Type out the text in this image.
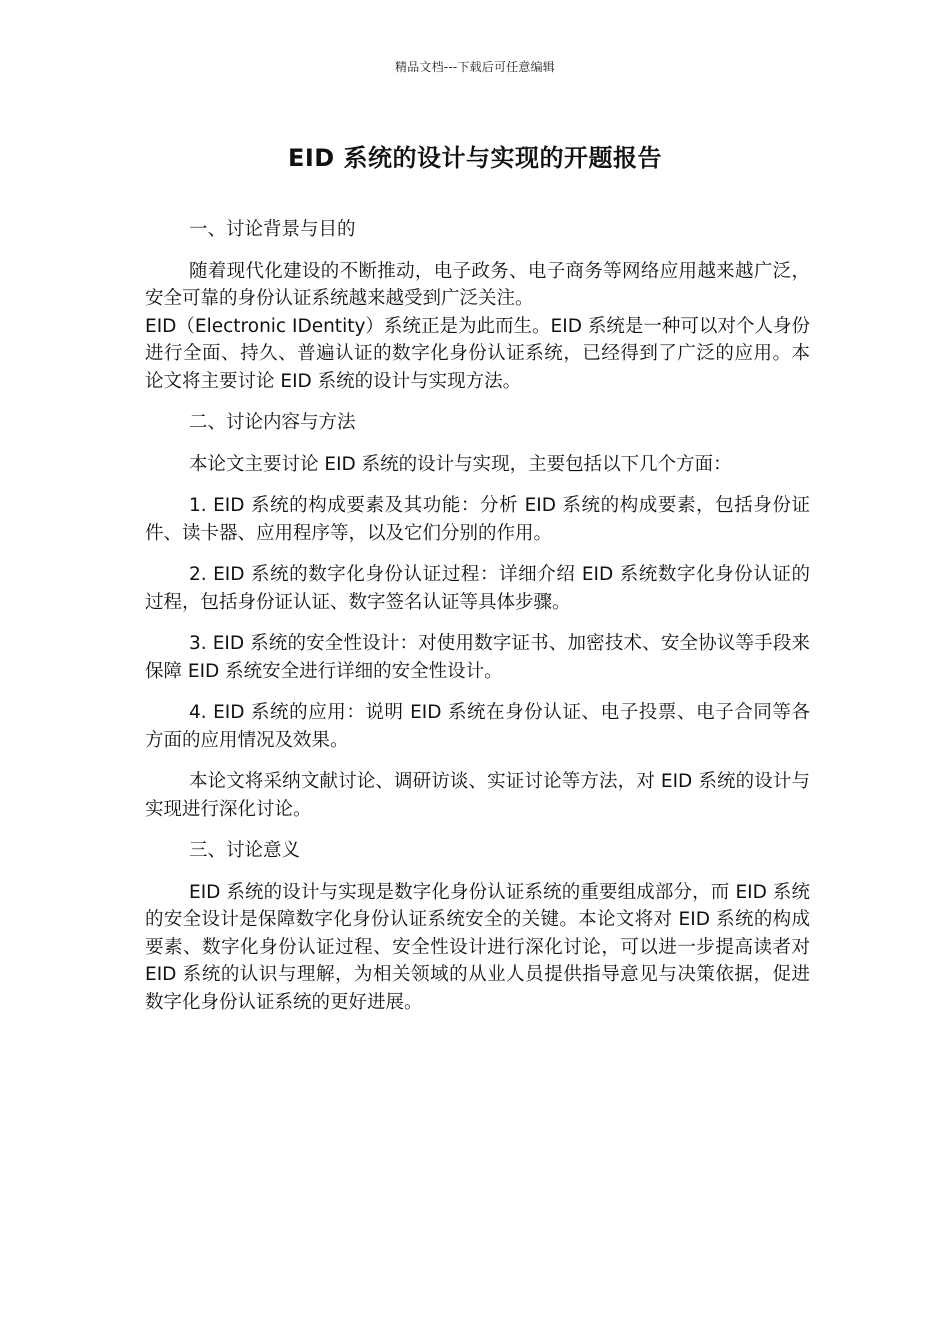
精品文档---下载后可任意编辑
EID 系统的设计与实现的开题报告

一、讨论背景与目的

随着现代化建设的不断推动，电子政务、电子商务等网络应用越来越广泛，安全可靠的身份认证系统越来越受到广泛关注。

EID（Electronic IDentity）系统正是为此而生。EID 系统是一种可以对个人身份进行全面、持久、普遍认证的数字化身份认证系统，已经得到了广泛的应用。本论文将主要讨论 EID 系统的设计与实现方法。

二、讨论内容与方法

本论文主要讨论 EID 系统的设计与实现，主要包括以下几个方面：

1. EID 系统的构成要素及其功能：分析 EID 系统的构成要素，包括身份证件、读卡器、应用程序等，以及它们分别的作用。

2. EID 系统的数字化身份认证过程：详细介绍 EID 系统数字化身份认证的过程，包括身份证认证、数字签名认证等具体步骤。

3. EID 系统的安全性设计：对使用数字证书、加密技术、安全协议等手段来保障 EID 系统安全进行详细的安全性设计。

4. EID 系统的应用：说明 EID 系统在身份认证、电子投票、电子合同等各方面的应用情况及效果。

本论文将采纳文献讨论、调研访谈、实证讨论等方法，对 EID 系统的设计与实现进行深化讨论。

三、讨论意义

EID 系统的设计与实现是数字化身份认证系统的重要组成部分，而 EID 系统的安全设计是保障数字化身份认证系统安全的关键。本论文将对 EID 系统的构成要素、数字化身份认证过程、安全性设计进行深化讨论，可以进一步提高读者对 EID 系统的认识与理解，为相关领域的从业人员提供指导意见与决策依据，促进数字化身份认证系统的更好进展。
